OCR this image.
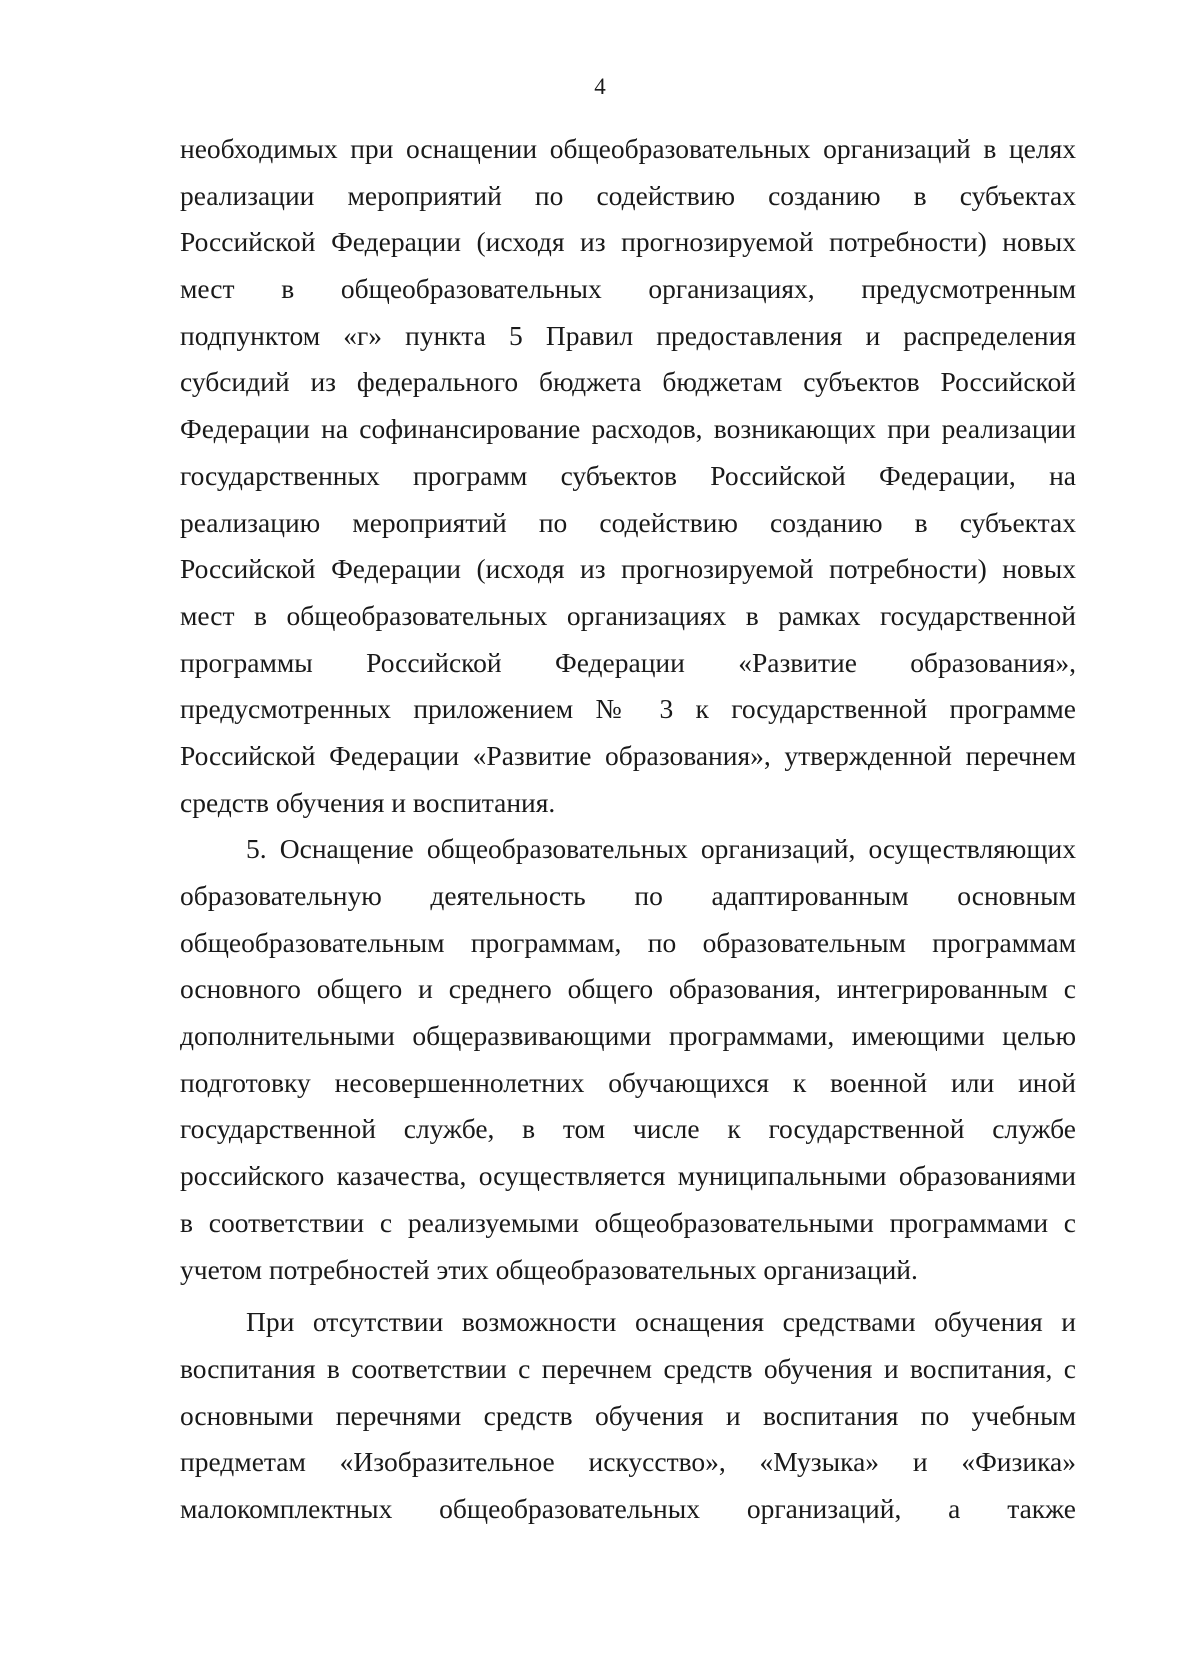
4
необходимых при оснащении общеобразовательных организаций в целях
реализации мероприятий по содействию созданию в субъектах
Российской Федерации (исходя из прогнозируемой потребности) новых
мест в общеобразовательных организациях, предусмотренным
подпунктом «г» пункта 5 Правил предоставления и распределения
субсидий из федерального бюджета бюджетам субъектов Российской
Федерации на софинансирование расходов, возникающих при реализации
государственных программ субъектов Российской Федерации, на
реализацию мероприятий по содействию созданию в субъектах
Российской Федерации (исходя из прогнозируемой потребности) новых
мест в общеобразовательных организациях в рамках государственной
программы Российской Федерации «Развитие образования»,
предусмотренных приложением № 3 к государственной программе
Российской Федерации «Развитие образования», утвержденной перечнем
средств обучения и воспитания.
5. Оснащение общеобразовательных организаций, осуществляющих
образовательную деятельность по адаптированным основным
общеобразовательным программам, по образовательным программам
основного общего и среднего общего образования, интегрированным с
дополнительными общеразвивающими программами, имеющими целью
подготовку несовершеннолетних обучающихся к военной или иной
государственной службе, в том числе к государственной службе
российского казачества, осуществляется муниципальными образованиями
в соответствии с реализуемыми общеобразовательными программами с
учетом потребностей этих общеобразовательных организаций.
При отсутствии возможности оснащения средствами обучения и
воспитания в соответствии с перечнем средств обучения и воспитания, с
основными перечнями средств обучения и воспитания по учебным
предметам «Изобразительное искусство», «Музыка» и «Физика»
малокомплектных общеобразовательных организаций, а также
